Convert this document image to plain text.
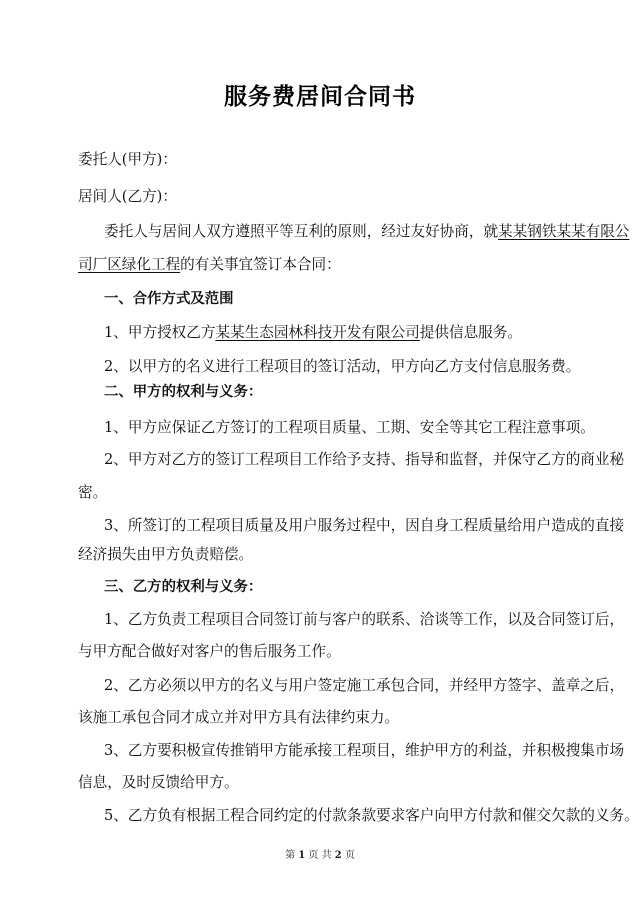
服务费居间合同书
委托人(甲方)：
居间人(乙方)：
委托人与居间人双方遵照平等互利的原则，经过友好协商，就某某钢铁某某有限公
司厂区绿化工程的有关事宜签订本合同：
一、合作方式及范围
1、甲方授权乙方某某生态园林科技开发有限公司提供信息服务。
2、以甲方的名义进行工程项目的签订活动，甲方向乙方支付信息服务费。
二、甲方的权利与义务：
1、甲方应保证乙方签订的工程项目质量、工期、安全等其它工程注意事项。
2、甲方对乙方的签订工程项目工作给予支持、指导和监督，并保守乙方的商业秘
密。
3、所签订的工程项目质量及用户服务过程中，因自身工程质量给用户造成的直接
经济损失由甲方负责赔偿。
三、乙方的权利与义务：
1、乙方负责工程项目合同签订前与客户的联系、洽谈等工作，以及合同签订后，
与甲方配合做好对客户的售后服务工作。
2、乙方必须以甲方的名义与用户签定施工承包合同，并经甲方签字、盖章之后，
该施工承包合同才成立并对甲方具有法律约束力。
3、乙方要积极宣传推销甲方能承接工程项目，维护甲方的利益，并积极搜集市场
信息，及时反馈给甲方。
5、乙方负有根据工程合同约定的付款条款要求客户向甲方付款和催交欠款的义务。
第 1 页 共 2 页
